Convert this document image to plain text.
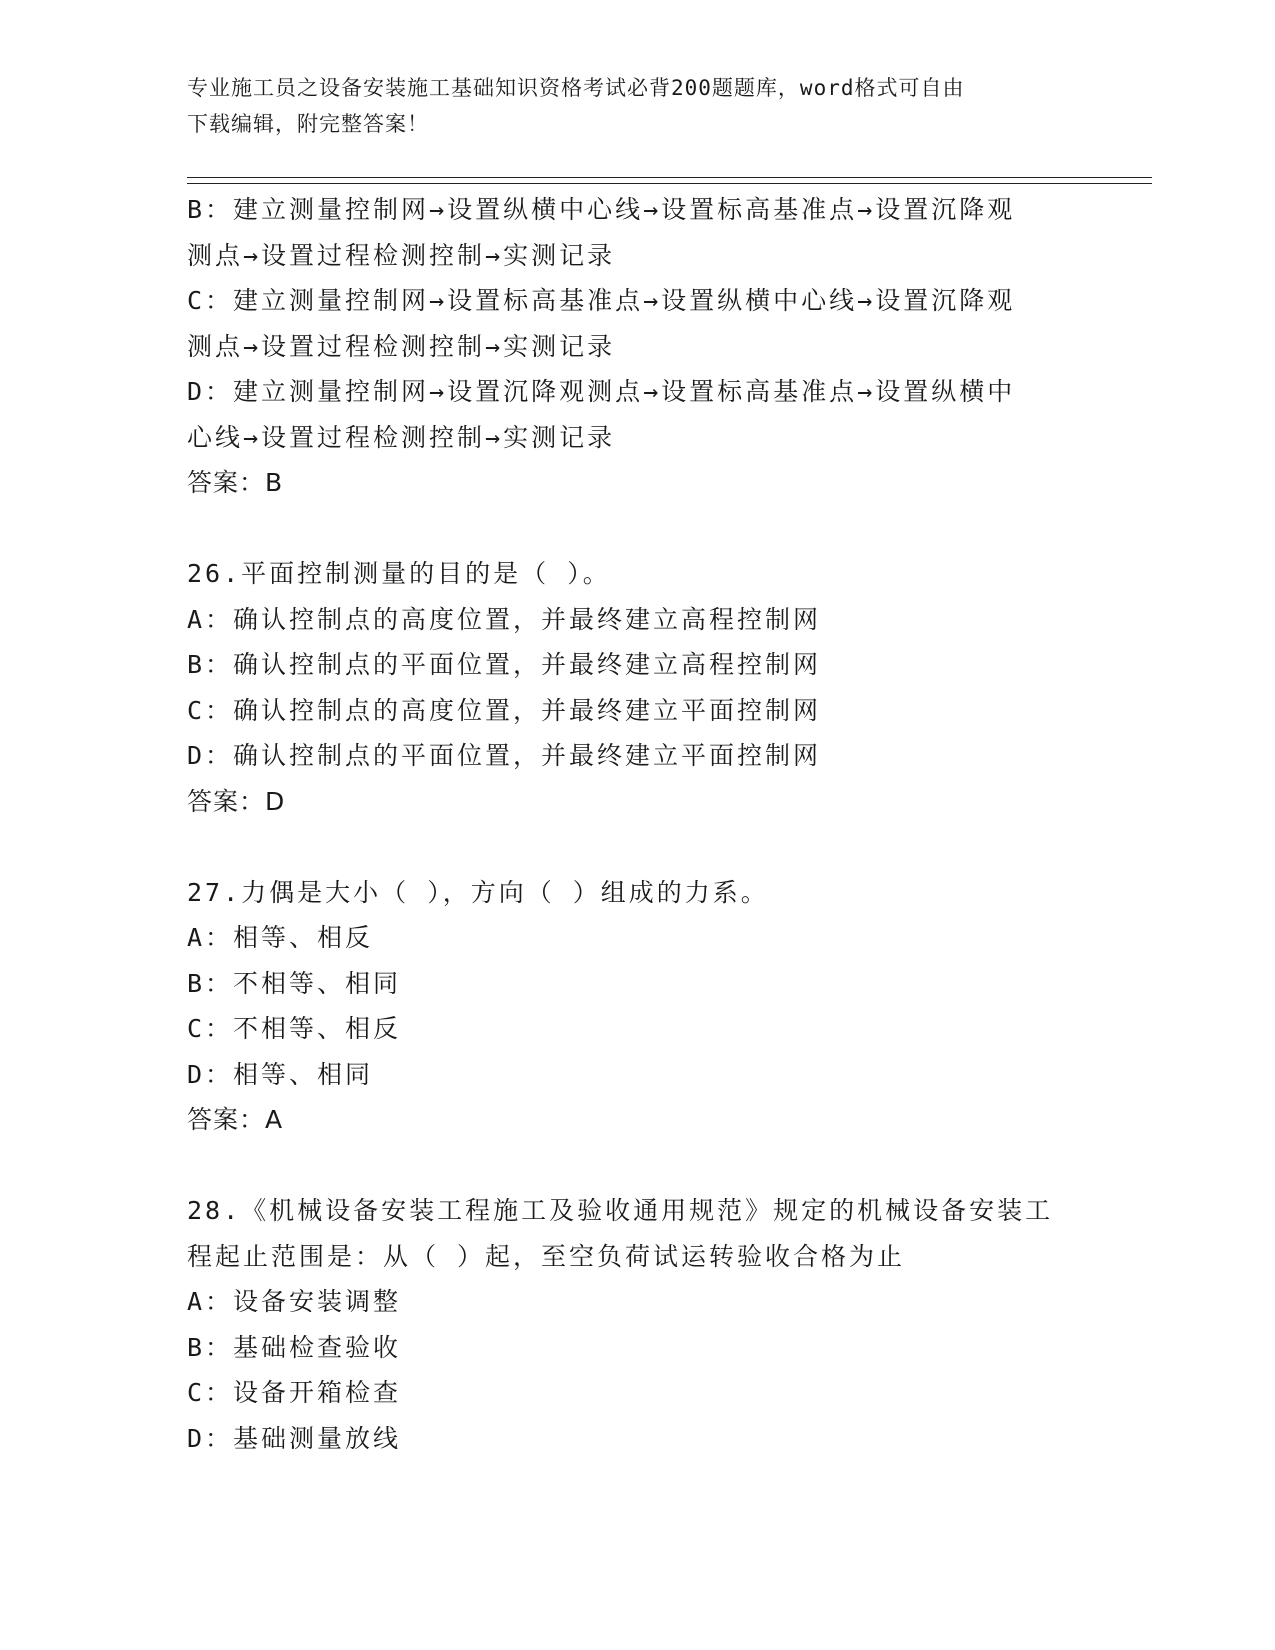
专业施工员之设备安装施工基础知识资格考试必背200题题库，word格式可自由
下载编辑，附完整答案！
B：建立测量控制网→设置纵横中心线→设置标高基准点→设置沉降观
测点→设置过程检测控制→实测记录
C：建立测量控制网→设置标高基准点→设置纵横中心线→设置沉降观
测点→设置过程检测控制→实测记录
D：建立测量控制网→设置沉降观测点→设置标高基准点→设置纵横中
心线→设置过程检测控制→实测记录
答案：B
26.平面控制测量的目的是（ ）。
A：确认控制点的高度位置，并最终建立高程控制网
B：确认控制点的平面位置，并最终建立高程控制网
C：确认控制点的高度位置，并最终建立平面控制网
D：确认控制点的平面位置，并最终建立平面控制网
答案：D
27.力偶是大小（ ），方向（ ）组成的力系。
A：相等、相反
B：不相等、相同
C：不相等、相反
D：相等、相同
答案：A
28.《机械设备安装工程施工及验收通用规范》规定的机械设备安装工
程起止范围是：从（ ）起，至空负荷试运转验收合格为止
A：设备安装调整
B：基础检查验收
C：设备开箱检查
D：基础测量放线
